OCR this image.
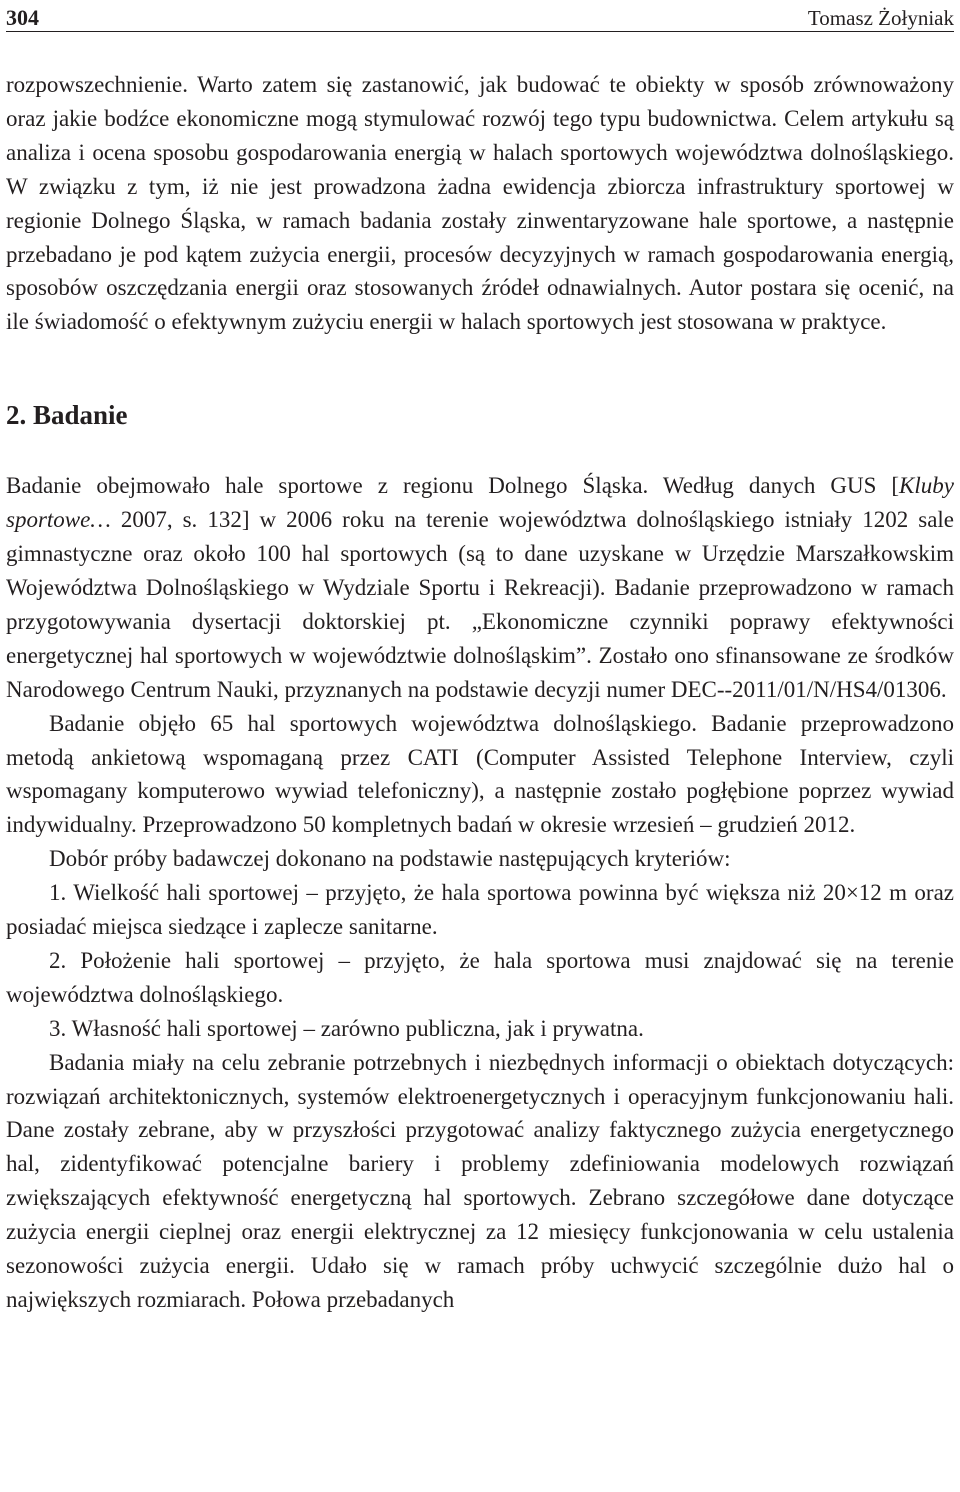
304	Tomasz Żołyniak

rozpowszechnienie. Warto zatem się zastanowić, jak budować te obiekty w sposób zrównoważony oraz jakie bodźce ekonomiczne mogą stymulować rozwój tego typu budownictwa. Celem artykułu są analiza i ocena sposobu gospodarowania energią w halach sportowych województwa dolnośląskiego. W związku z tym, iż nie jest prowadzona żadna ewidencja zbiorcza infrastruktury sportowej w regionie Dolnego Śląska, w ramach badania zostały zinwentaryzowane hale sportowe, a następnie przebadano je pod kątem zużycia energii, procesów decyzyjnych w ramach gospodarowania energią, sposobów oszczędzania energii oraz stosowanych źródeł odnawialnych. Autor postara się ocenić, na ile świadomość o efektywnym zużyciu energii w halach sportowych jest stosowana w praktyce.

2. Badanie

Badanie obejmowało hale sportowe z regionu Dolnego Śląska. Według danych GUS [Kluby sportowe… 2007, s. 132] w 2006 roku na terenie województwa dolnośląskiego istniały 1202 sale gimnastyczne oraz około 100 hal sportowych (są to dane uzyskane w Urzędzie Marszałkowskim Województwa Dolnośląskiego w Wydziale Sportu i Rekreacji). Badanie przeprowadzono w ramach przygotowywania dysertacji doktorskiej pt. „Ekonomiczne czynniki poprawy efektywności energetycznej hal sportowych w województwie dolnośląskim”. Zostało ono sfinansowane ze środków Narodowego Centrum Nauki, przyznanych na podstawie decyzji numer DEC-​-2011/01/N/HS4/01306.

Badanie objęło 65 hal sportowych województwa dolnośląskiego. Badanie przeprowadzono metodą ankietową wspomaganą przez CATI (Computer Assisted Telephone Interview, czyli wspomagany komputerowo wywiad telefoniczny), a następnie zostało pogłębione poprzez wywiad indywidualny. Przeprowadzono 50 kompletnych badań w okresie wrzesień – grudzień 2012.

Dobór próby badawczej dokonano na podstawie następujących kryteriów:

1. Wielkość hali sportowej – przyjęto, że hala sportowa powinna być większa niż 20×12 m oraz posiadać miejsca siedzące i zaplecze sanitarne.

2. Położenie hali sportowej – przyjęto, że hala sportowa musi znajdować się na terenie województwa dolnośląskiego.

3. Własność hali sportowej – zarówno publiczna, jak i prywatna.

Badania miały na celu zebranie potrzebnych i niezbędnych informacji o obiektach dotyczących: rozwiązań architektonicznych, systemów elektroenergetycznych i operacyjnym funkcjonowaniu hali. Dane zostały zebrane, aby w przyszłości przygotować analizy faktycznego zużycia energetycznego hal, zidentyfikować potencjalne bariery i problemy zdefiniowania modelowych rozwiązań zwiększających efektywność energetyczną hal sportowych. Zebrano szczegółowe dane dotyczące zużycia energii cieplnej oraz energii elektrycznej za 12 miesięcy funkcjonowania w celu ustalenia sezonowości zużycia energii. Udało się w ramach próby uchwycić szczególnie dużo hal o największych rozmiarach. Połowa przebadanych
